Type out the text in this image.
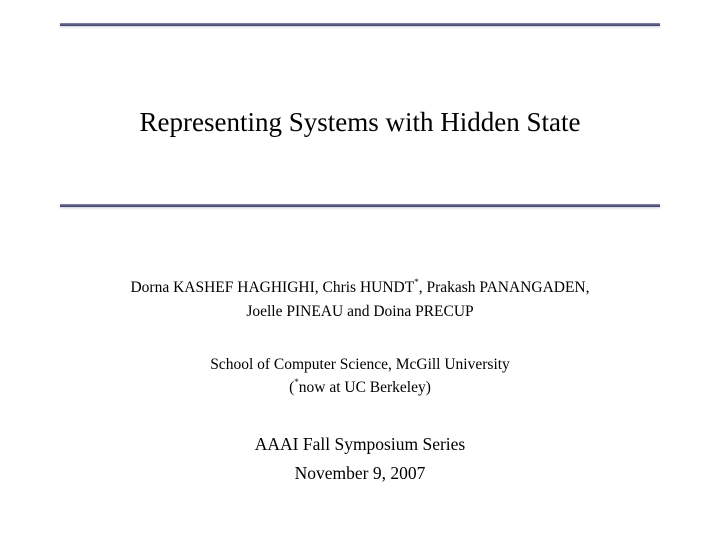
Representing Systems with Hidden State
Dorna KASHEF HAGHIGHI, Chris HUNDT*, Prakash PANANGADEN,
Joelle PINEAU and Doina PRECUP
School of Computer Science, McGill University
(*now at UC Berkeley)
AAAI Fall Symposium Series
November 9, 2007
